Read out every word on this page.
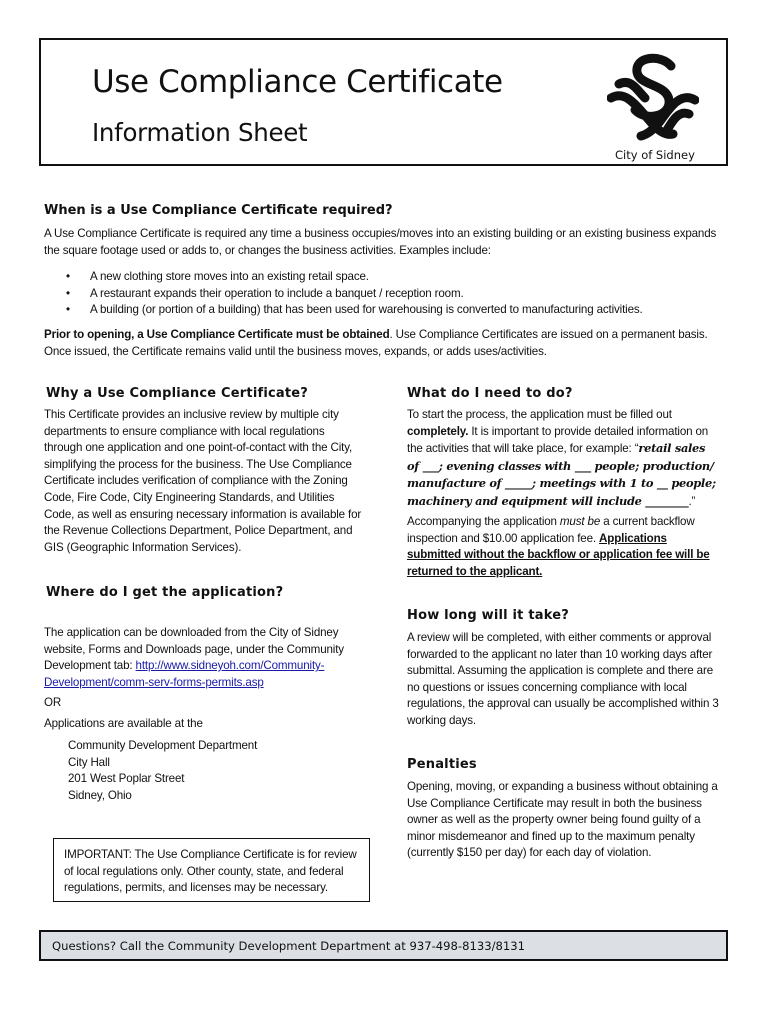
Use Compliance Certificate
Information Sheet
City of Sidney
When is a Use Compliance Certificate required?

A Use Compliance Certificate is required any time a business occupies/moves into an existing building or an existing business expands the square footage used or adds to, or changes the business activities. Examples include:

• A new clothing store moves into an existing retail space.
• A restaurant expands their operation to include a banquet / reception room.
• A building (or portion of a building) that has been used for warehousing is converted to manufacturing activities.

Prior to opening, a Use Compliance Certificate must be obtained. Use Compliance Certificates are issued on a permanent basis. Once issued, the Certificate remains valid until the business moves, expands, or adds uses/activities.

Why a Use Compliance Certificate?

This Certificate provides an inclusive review by multiple city departments to ensure compliance with local regulations through one application and one point-of-contact with the City, simplifying the process for the business. The Use Compliance Certificate includes verification of compliance with the Zoning Code, Fire Code, City Engineering Standards, and Utilities Code, as well as ensuring necessary information is available for the Revenue Collections Department, Police Department, and GIS (Geographic Information Services).

Where do I get the application?

The application can be downloaded from the City of Sidney website, Forms and Downloads page, under the Community Development tab: http://www.sidneyoh.com/Community-Development/comm-serv-forms-permits.asp

OR

Applications are available at the

Community Development Department
City Hall
201 West Poplar Street
Sidney, Ohio
IMPORTANT: The Use Compliance Certificate is for review of local regulations only. Other county, state, and federal regulations, permits, and licenses may be necessary.
What do I need to do?

To start the process, the application must be filled out completely. It is important to provide detailed information on the activities that will take place, for example: “retail sales of ___; evening classes with ___ people; production/ manufacture of _____; meetings with 1 to __ people; machinery and equipment will include ________.”

Accompanying the application must be a current backflow inspection and $10.00 application fee. Applications submitted without the backflow or application fee will be returned to the applicant.

How long will it take?

A review will be completed, with either comments or approval forwarded to the applicant no later than 10 working days after submittal. Assuming the application is complete and there are no questions or issues concerning compliance with local regulations, the approval can usually be accomplished within 3 working days.

Penalties

Opening, moving, or expanding a business without obtaining a Use Compliance Certificate may result in both the business owner as well as the property owner being found guilty of a minor misdemeanor and fined up to the maximum penalty (currently $150 per day) for each day of violation.

Questions? Call the Community Development Department at 937-498-8133/8131
